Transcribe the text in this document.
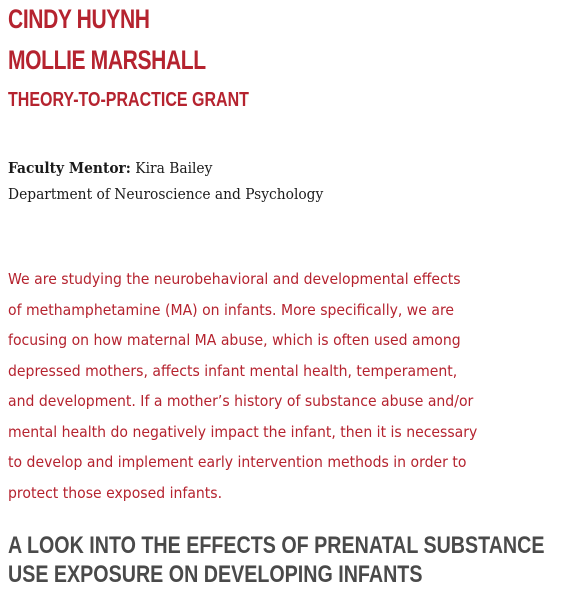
CINDY HUYNH
MOLLIE MARSHALL
THEORY-TO-PRACTICE GRANT
Faculty Mentor: Kira Bailey
Department of Neuroscience and Psychology

We are studying the neurobehavioral and developmental effects
of methamphetamine (MA) on infants. More specifically, we are
focusing on how maternal MA abuse, which is often used among
depressed mothers, affects infant mental health, temperament,
and development. If a mother’s history of substance abuse and/or
mental health do negatively impact the infant, then it is necessary
to develop and implement early intervention methods in order to
protect those exposed infants.

A LOOK INTO THE EFFECTS OF PRENATAL SUBSTANCE
USE EXPOSURE ON DEVELOPING INFANTS
